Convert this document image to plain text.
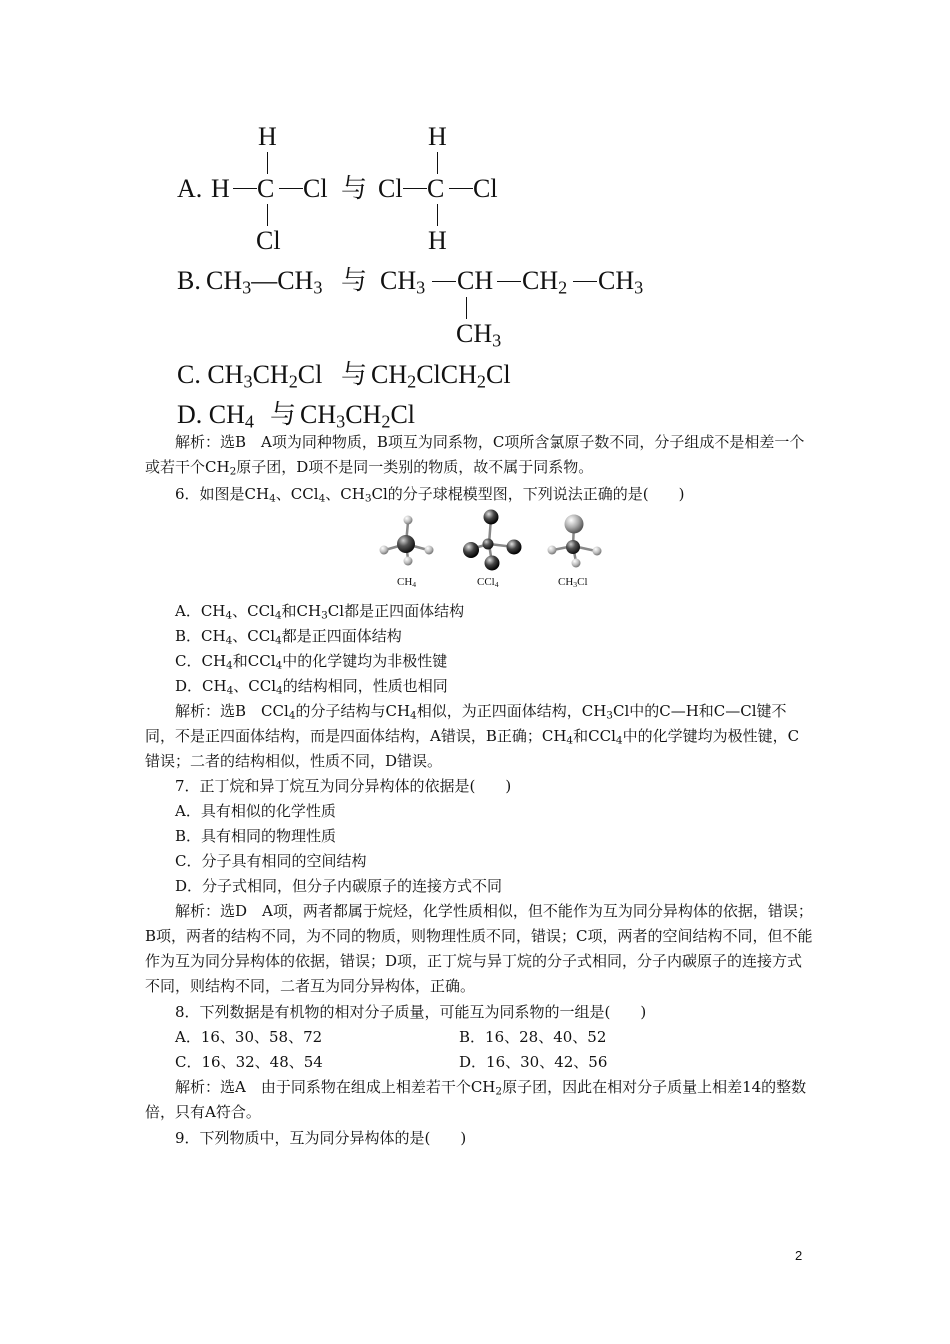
H
A. H C Cl
Cl
与
H
Cl C Cl
H
B. $CH_3—CH_3$ 与 $CH_3$ CH $CH_2$ $CH_3$
$CH_3$
C. $CH_3CH_2Cl$ 与 $CH_2ClCH_2Cl$
D. $CH_4$ 与 $CH_3CH_2Cl$

解析：选B　A项为同种物质，B项互为同系物，C项所含氯原子数不同，分子组成不是相差一个或若干个$CH_2$原子团，D项不是同一类别的物质，故不属于同系物。

6．如图是$CH_4$、CCl$_4$、$CH_3Cl$的分子球棍模型图，下列说法正确的是(　　)
$CH_4$	CCl$_4$	$CH_3Cl$
A．$CH_4$、CCl$_4$和$CH_3Cl$都是正四面体结构
B．$CH_4$、CCl$_4$都是正四面体结构
C．$CH_4$和CCl$_4$中的化学键均为非极性键
D．$CH_4$、CCl$_4$的结构相同，性质也相同

解析：选B　CCl$_4$的分子结构与$CH_4$相似，为正四面体结构，$CH_3Cl$中的C—H和C—Cl键不同，不是正四面体结构，而是四面体结构，A错误，B正确；$CH_4$和CCl$_4$中的化学键均为极性键，C错误；二者的结构相似，性质不同，D错误。

7．正丁烷和异丁烷互为同分异构体的依据是(　　)
A．具有相似的化学性质
B．具有相同的物理性质
C．分子具有相同的空间结构
D．分子式相同，但分子内碳原子的连接方式不同

解析：选D　A项，两者都属于烷烃，化学性质相似，但不能作为互为同分异构体的依据，错误；B项，两者的结构不同，为不同的物质，则物理性质不同，错误；C项，两者的空间结构不同，但不能作为互为同分异构体的依据，错误；D项，正丁烷与异丁烷的分子式相同，分子内碳原子的连接方式不同，则结构不同，二者互为同分异构体，正确。

8．下列数据是有机物的相对分子质量，可能互为同系物的一组是(　　)
A．16、30、58、72	B．16、28、40、52
C．16、32、48、54	D．16、30、42、56

解析：选A　由于同系物在组成上相差若干个$CH_2$原子团，因此在相对分子质量上相差14的整数倍，只有A符合。

9．下列物质中，互为同分异构体的是(　　)
2
